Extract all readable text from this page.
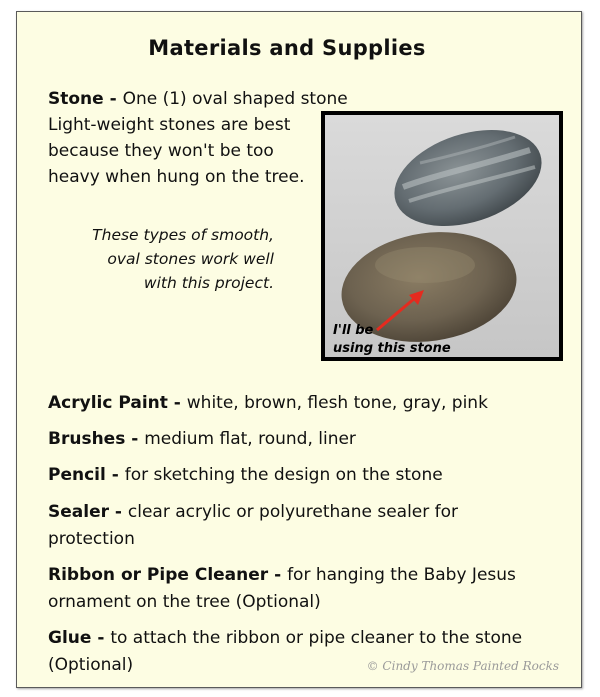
Materials and Supplies
Stone - One (1) oval shaped stone
Light-weight stones are best
because they won't be too
heavy when hung on the tree.
These types of smooth,
oval stones work well
with this project.
I'll be
using this stone
Acrylic Paint - white, brown, flesh tone, gray, pink
Brushes - medium flat, round, liner
Pencil - for sketching the design on the stone
Sealer - clear acrylic or polyurethane sealer for
protection
Ribbon or Pipe Cleaner - for hanging the Baby Jesus
ornament on the tree (Optional)
Glue - to attach the ribbon or pipe cleaner to the stone
(Optional)	© Cindy Thomas Painted Rocks
